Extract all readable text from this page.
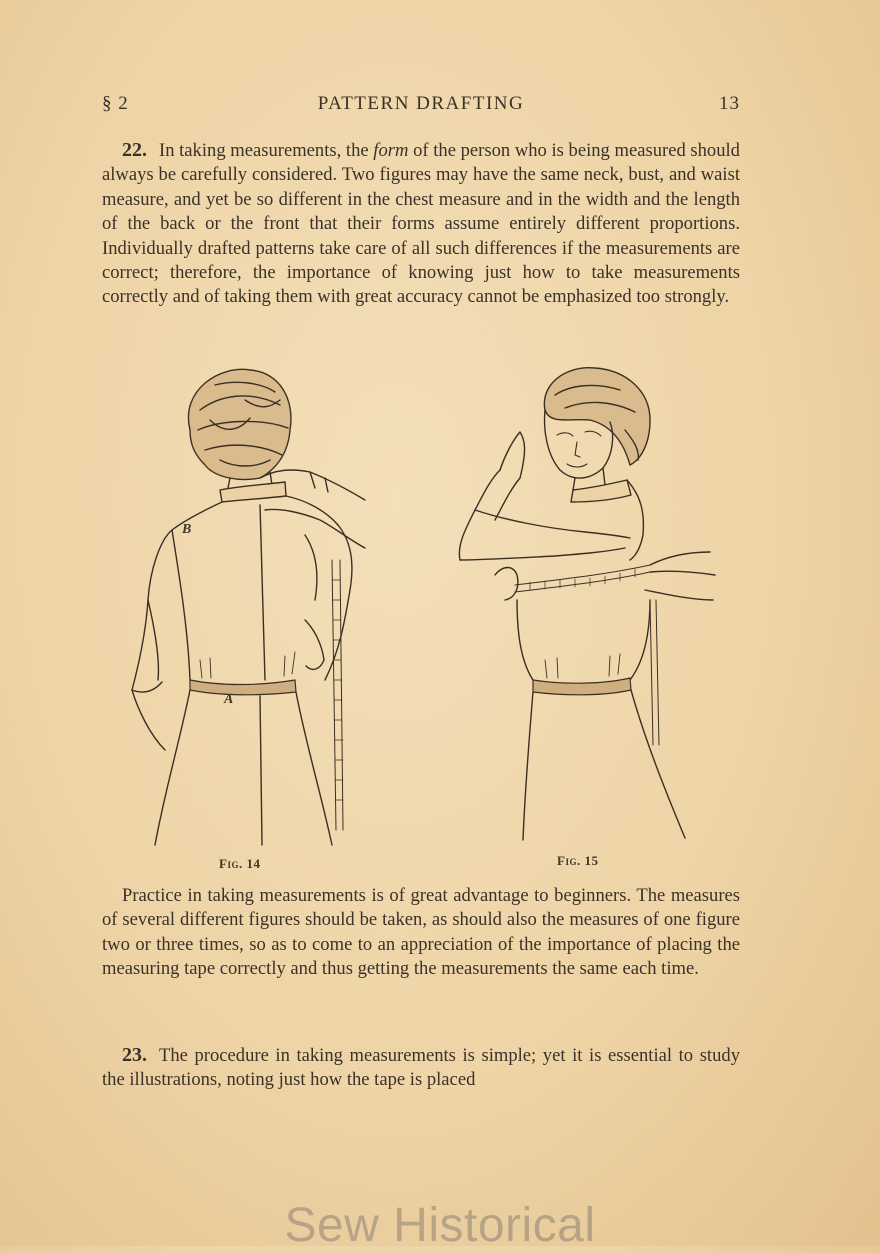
§ 2	PATTERN DRAFTING	13

22. In taking measurements, the form of the person who is being measured should always be carefully considered. Two figures may have the same neck, bust, and waist measure, and yet be so different in the chest measure and in the width and the length of the back or the front that their forms assume entirely different proportions. Individually drafted patterns take care of all such differences if the measurements are correct; therefore, the importance of knowing just how to take measurements correctly and of taking them with great accuracy cannot be emphasized too strongly.

B
A
Fig. 14	Fig. 15

Practice in taking measurements is of great advantage to beginners. The measures of several different figures should be taken, as should also the measures of one figure two or three times, so as to come to an appreciation of the importance of placing the measuring tape correctly and thus getting the measurements the same each time.

23. The procedure in taking measurements is simple; yet it is essential to study the illustrations, noting just how the tape is placed

Sew Historical
